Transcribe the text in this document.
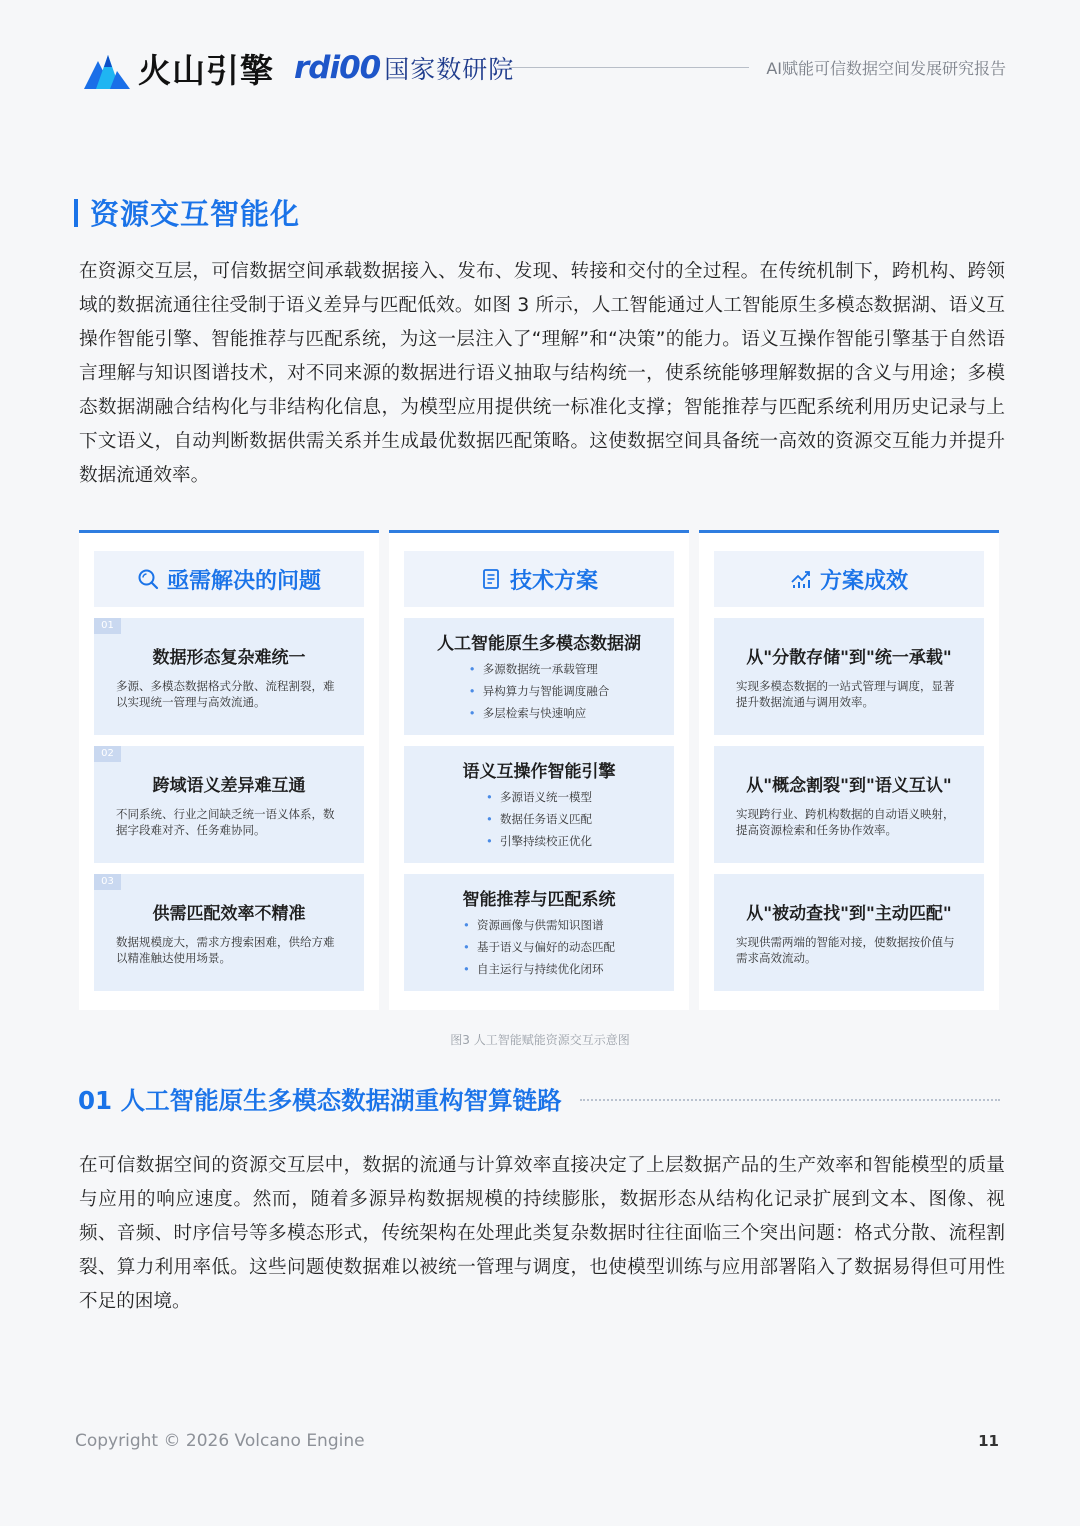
火山引擎 rdi00 国家数研院	AI赋能可信数据空间发展研究报告
资源交互智能化

在资源交互层，可信数据空间承载数据接入、发布、发现、转接和交付的全过程。在传统机制下，跨机构、跨领域的数据流通往往受制于语义差异与匹配低效。如图 3 所示，人工智能通过人工智能原生多模态数据湖、语义互操作智能引擎、智能推荐与匹配系统，为这一层注入了“理解”和“决策”的能力。语义互操作智能引擎基于自然语言理解与知识图谱技术，对不同来源的数据进行语义抽取与结构统一，使系统能够理解数据的含义与用途；多模态数据湖融合结构化与非结构化信息，为模型应用提供统一标准化支撑；智能推荐与匹配系统利用历史记录与上下文语义，自动判断数据供需关系并生成最优数据匹配策略。这使数据空间具备统一高效的资源交互能力并提升数据流通效率。

亟需解决的问题
01
数据形态复杂难统一
多源、多模态数据格式分散、流程割裂，难以实现统一管理与高效流通。
02
跨域语义差异难互通
不同系统、行业之间缺乏统一语义体系，数据字段难对齐、任务难协同。
03
供需匹配效率不精准
数据规模庞大，需求方搜索困难，供给方难以精准触达使用场景。
技术方案
人工智能原生多模态数据湖
• 多源数据统一承载管理
• 异构算力与智能调度融合
• 多层检索与快速响应
语义互操作智能引擎
• 多源语义统一模型
• 数据任务语义匹配
• 引擎持续校正优化
智能推荐与匹配系统
• 资源画像与供需知识图谱
• 基于语义与偏好的动态匹配
• 自主运行与持续优化闭环
方案成效
从"分散存储"到"统一承载"
实现多模态数据的一站式管理与调度，显著提升数据流通与调用效率。
从"概念割裂"到"语义互认"
实现跨行业、跨机构数据的自动语义映射，提高资源检索和任务协作效率。
从"被动查找"到"主动匹配"
实现供需两端的智能对接，使数据按价值与需求高效流动。
图3 人工智能赋能资源交互示意图
01 人工智能原生多模态数据湖重构智算链路

在可信数据空间的资源交互层中，数据的流通与计算效率直接决定了上层数据产品的生产效率和智能模型的质量与应用的响应速度。然而，随着多源异构数据规模的持续膨胀，数据形态从结构化记录扩展到文本、图像、视频、音频、时序信号等多模态形式，传统架构在处理此类复杂数据时往往面临三个突出问题：格式分散、流程割裂、算力利用率低。这些问题使数据难以被统一管理与调度，也使模型训练与应用部署陷入了数据易得但可用性不足的困境。

Copyright © 2026 Volcano Engine	11
